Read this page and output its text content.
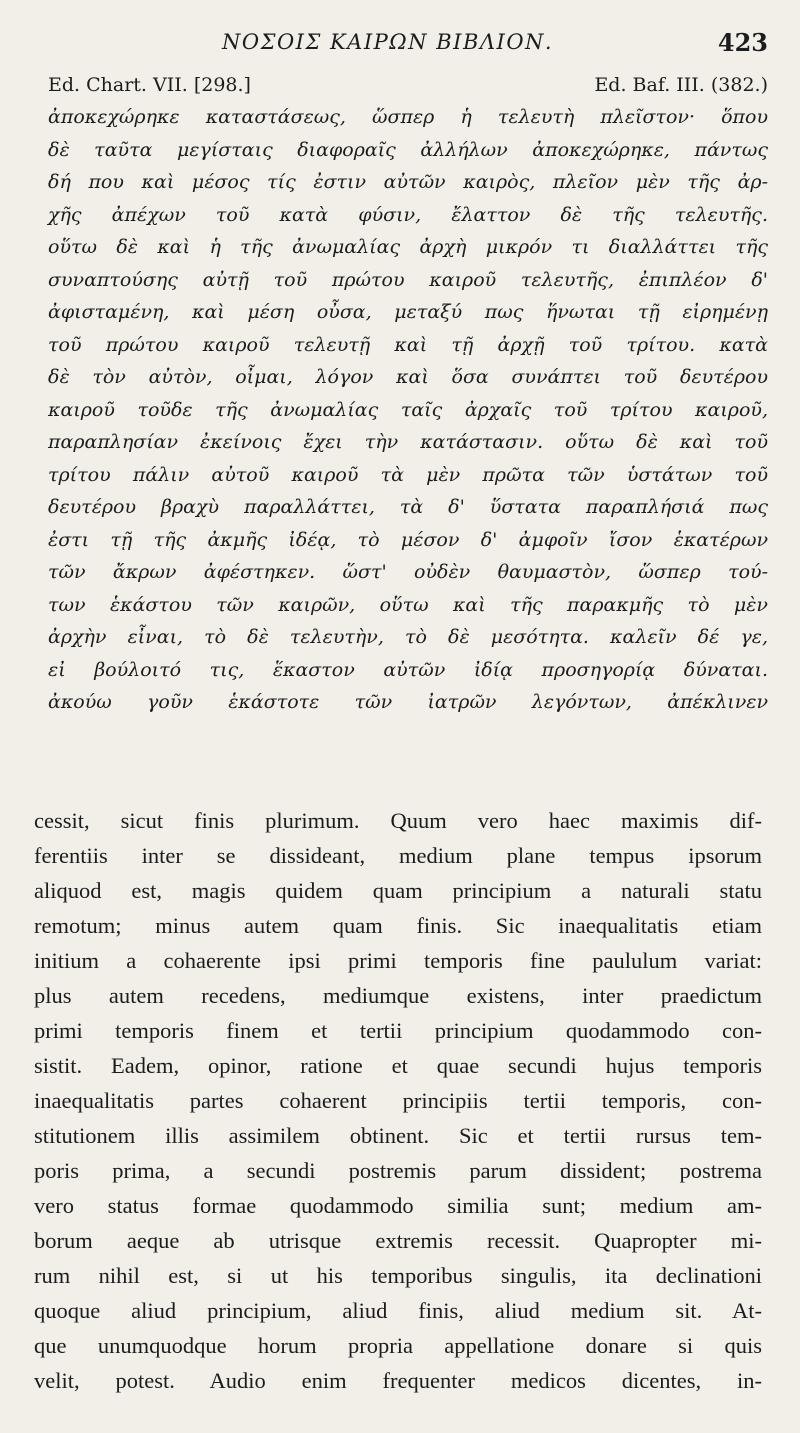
ΝΟΣΟΙΣ ΚΑΙΡΩΝ ΒΙΒΛΙΟΝ.	423
Ed. Chart. VII. [298.]	Ed. Baf. III. (382.)
ἀποκεχώρηκε καταστάσεως, ὥσπερ ἡ τελευτὴ πλεῖστον· ὅπου
δὲ ταῦτα μεγίσταις διαφοραῖς ἀλλήλων ἀποκεχώρηκε, πάντως
δή που καὶ μέσος τίς ἐστιν αὐτῶν καιρὸς, πλεῖον μὲν τῆς ἀρ-
χῆς ἀπέχων τοῦ κατὰ φύσιν, ἔλαττον δὲ τῆς τελευτῆς.
οὕτω δὲ καὶ ἡ τῆς ἀνωμαλίας ἀρχὴ μικρόν τι διαλλάττει τῆς
συναπτούσης αὐτῇ τοῦ πρώτου καιροῦ τελευτῆς, ἐπιπλέον δ'
ἀφισταμένη, καὶ μέση οὖσα, μεταξύ πως ἥνωται τῇ εἰρημένῃ
τοῦ πρώτου καιροῦ τελευτῇ καὶ τῇ ἀρχῇ τοῦ τρίτου. κατὰ
δὲ τὸν αὐτὸν, οἶμαι, λόγον καὶ ὅσα συνάπτει τοῦ δευτέρου
καιροῦ τοῦδε τῆς ἀνωμαλίας ταῖς ἀρχαῖς τοῦ τρίτου καιροῦ,
παραπλησίαν ἐκείνοις ἔχει τὴν κατάστασιν. οὕτω δὲ καὶ τοῦ
τρίτου πάλιν αὐτοῦ καιροῦ τὰ μὲν πρῶτα τῶν ὑστάτων τοῦ
δευτέρου βραχὺ παραλλάττει, τὰ δ' ὕστατα παραπλήσιά πως
ἐστι τῇ τῆς ἀκμῆς ἰδέᾳ, τὸ μέσον δ' ἀμφοῖν ἴσον ἑκατέρων
τῶν ἄκρων ἀφέστηκεν. ὥστ' οὐδὲν θαυμαστὸν, ὥσπερ τού-
των ἑκάστου τῶν καιρῶν, οὕτω καὶ τῆς παρακμῆς τὸ μὲν
ἀρχὴν εἶναι, τὸ δὲ τελευτὴν, τὸ δὲ μεσότητα. καλεῖν δέ γε,
εἰ βούλοιτό τις, ἕκαστον αὐτῶν ἰδίᾳ προσηγορίᾳ δύναται.
ἀκούω γοῦν ἑκάστοτε τῶν ἰατρῶν λεγόντων, ἀπέκλινεν
cessit, sicut finis plurimum. Quum vero haec maximis dif-
ferentiis inter se dissideant, medium plane tempus ipsorum
aliquod est, magis quidem quam principium a naturali statu
remotum; minus autem quam finis. Sic inaequalitatis etiam
initium a cohaerente ipsi primi temporis fine paululum variat:
plus autem recedens, mediumque existens, inter praedictum
primi temporis finem et tertii principium quodammodo con-
sistit. Eadem, opinor, ratione et quae secundi hujus temporis
inaequalitatis partes cohaerent principiis tertii temporis, con-
stitutionem illis assimilem obtinent. Sic et tertii rursus tem-
poris prima, a secundi postremis parum dissident; postrema
vero status formae quodammodo similia sunt; medium am-
borum aeque ab utrisque extremis recessit. Quapropter mi-
rum nihil est, si ut his temporibus singulis, ita declinationi
quoque aliud principium, aliud finis, aliud medium sit. At-
que unumquodque horum propria appellatione donare si quis
velit, potest. Audio enim frequenter medicos dicentes, in-
